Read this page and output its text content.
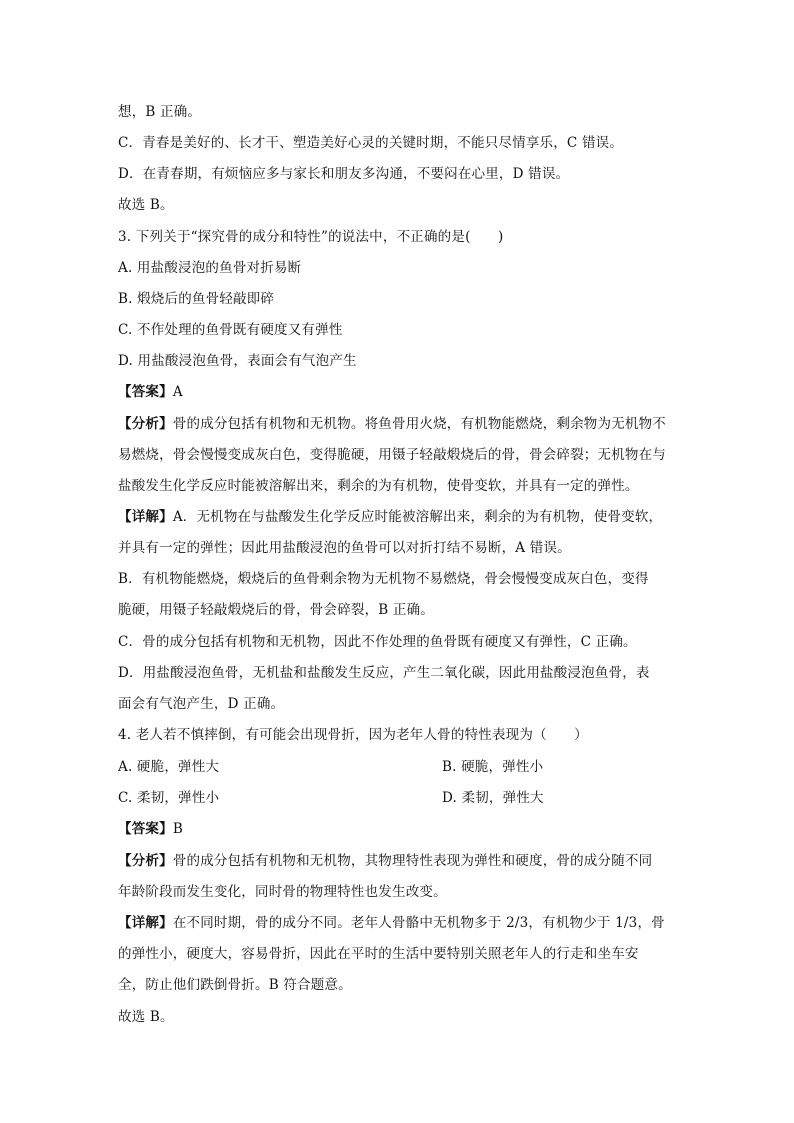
想，B 正确。
C．青春是美好的、长才干、塑造美好心灵的关键时期，不能只尽情享乐，C 错误。
D．在青春期，有烦恼应多与家长和朋友多沟通，不要闷在心里，D 错误。
故选 B。
3. 下列关于“探究骨的成分和特性”的说法中，不正确的是(　　)
A. 用盐酸浸泡的鱼骨对折易断
B. 煅烧后的鱼骨轻敲即碎
C. 不作处理的鱼骨既有硬度又有弹性
D. 用盐酸浸泡鱼骨，表面会有气泡产生
【答案】A
【分析】骨的成分包括有机物和无机物。将鱼骨用火烧，有机物能燃烧，剩余物为无机物不
易燃烧，骨会慢慢变成灰白色，变得脆硬，用镊子轻敲煅烧后的骨，骨会碎裂；无机物在与
盐酸发生化学反应时能被溶解出来，剩余的为有机物，使骨变软，并具有一定的弹性。
【详解】A．无机物在与盐酸发生化学反应时能被溶解出来，剩余的为有机物，使骨变软，
并具有一定的弹性；因此用盐酸浸泡的鱼骨可以对折打结不易断，A 错误。
B．有机物能燃烧，煅烧后的鱼骨剩余物为无机物不易燃烧，骨会慢慢变成灰白色，变得
脆硬，用镊子轻敲煅烧后的骨，骨会碎裂，B 正确。
C．骨的成分包括有机物和无机物，因此不作处理的鱼骨既有硬度又有弹性，C 正确。
D．用盐酸浸泡鱼骨，无机盐和盐酸发生反应，产生二氧化碳，因此用盐酸浸泡鱼骨，表
面会有气泡产生，D 正确。
4. 老人若不慎摔倒，有可能会出现骨折，因为老年人骨的特性表现为（　　）
A. 硬脆，弹性大	B. 硬脆，弹性小
C. 柔韧，弹性小	D. 柔韧，弹性大
【答案】B
【分析】骨的成分包括有机物和无机物，其物理特性表现为弹性和硬度，骨的成分随不同
年龄阶段而发生变化，同时骨的物理特性也发生改变。
【详解】在不同时期，骨的成分不同。老年人骨骼中无机物多于 2/3，有机物少于 1/3，骨
的弹性小，硬度大，容易骨折，因此在平时的生活中要特别关照老年人的行走和坐车安
全，防止他们跌倒骨折。B 符合题意。
故选 B。
